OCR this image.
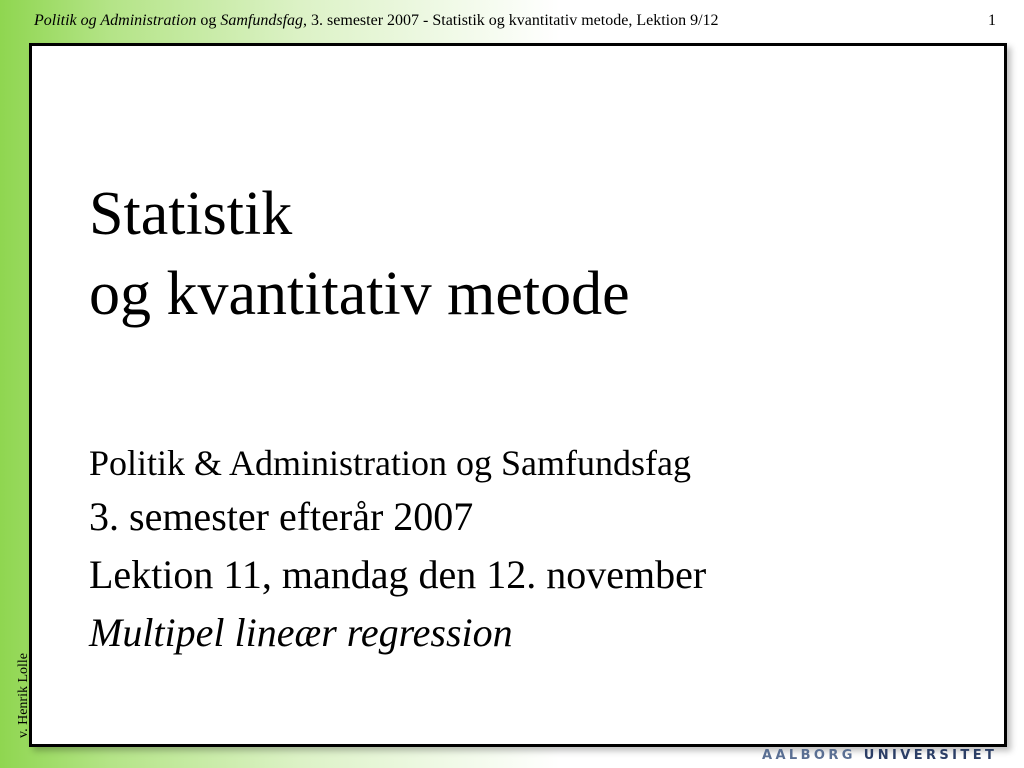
Politik og Administration og Samfundsfag, 3. semester 2007 - Statistik og kvantitativ metode, Lektion 9/12	1
Statistik
og kvantitativ metode
Politik & Administration og Samfundsfag
3. semester efterår 2007
Lektion 11, mandag den 12. november
Multipel lineær regression
v. Henrik Lolle
AALBORG UNIVERSITET
